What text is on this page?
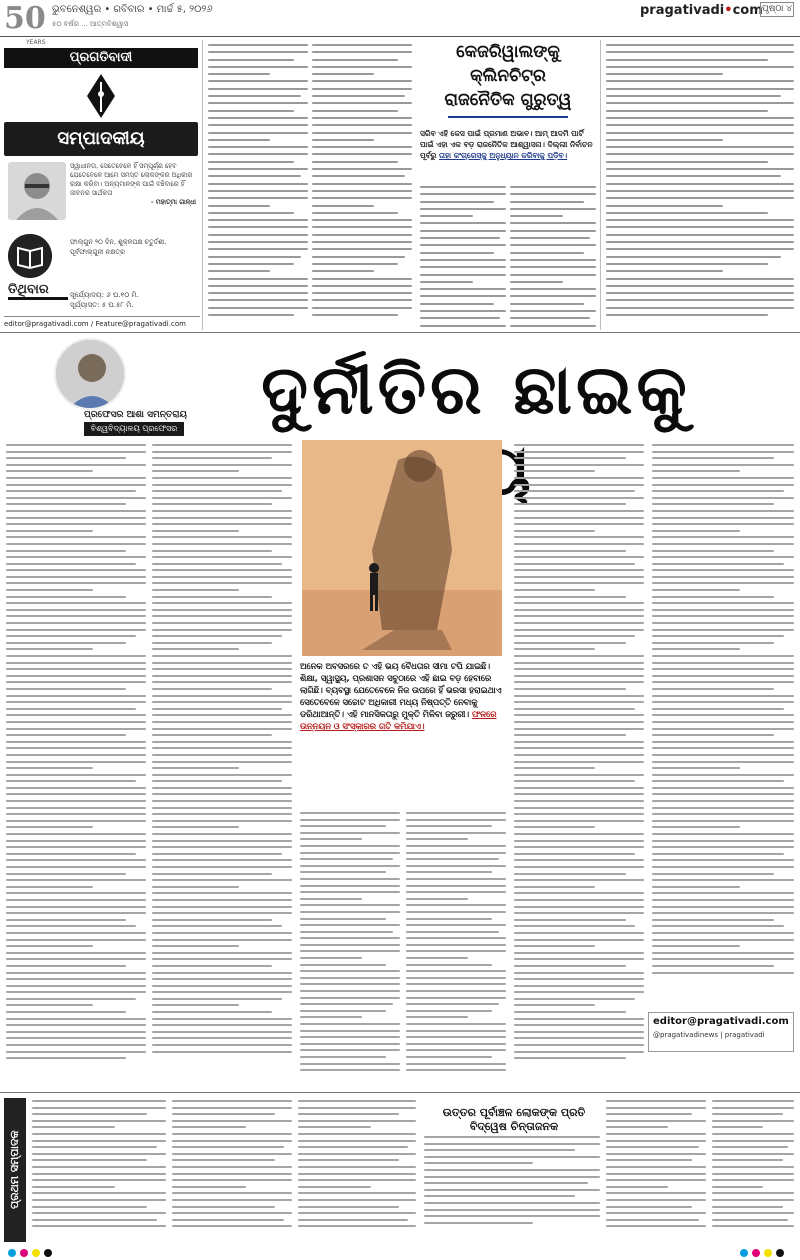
50
YEARS
ଭୁବନେଶ୍ୱର • ରବିବାର • ମାର୍ଚ୍ଚ ୫, ୨୦୨୬
୫୦ ବର୍ଷର ... ଆତ୍ମବିଶ୍ୱାସ
pragativadi•com ପୃଷ୍ଠା ୪
ପ୍ରଗତିବାଦୀ
ସମ୍ପାଦକୀୟ
ସ୍ୱାଧୀନତା, ସେତେବେଳେ ହିଁ ସମ୍ପୂର୍ଣ୍ଣ ହେବ ଯେତେବେଳେ ଆମେ ସମସ୍ତ ଲୋକଙ୍କର ଅଧିକାର ରକ୍ଷା କରିବା। ଅନ୍ୟମାନଙ୍କ ପାଇଁ ବଞ୍ଚିବାରେ ହିଁ ଜୀବନର ସାର୍ଥକତା
- ମହାତ୍ମା ଗାନ୍ଧୀ
ଫାଲ୍‌ଗୁନ ୨୦ ଦିନ, ଶୁକ୍ଳପକ୍ଷ ଚତୁର୍ଦ୍ଦଶୀ, ପୂର୍ବଫାଲ୍‌ଗୁନୀ ନକ୍ଷତ୍ର
ତିଥିବାର	ସୂର୍ଯ୍ୟୋଦୟ: ୬ ଘ.୧୦ ମି.
ସୂର୍ଯ୍ୟାସ୍ତ: ୫ ଘ.୫୮ ମି.
editor@pragativadi.com / Feature@pragativadi.com
କେଜରିୱାଲଙ୍କୁ କ୍ଲିନଚିଟ୍‌ର
ରାଜନୈତିକ ଗୁରୁତ୍ୱ
ସରିବ ଏହି କେସ ପାଇଁ ପ୍ରମାଣ ଅଭାବ। ଆମ୍‌ ଆଦମି ପାର୍ଟି ପାଇଁ ଏହା ଏକ ବଡ଼ ରାଜନୈତିକ ଆଶ୍ୱାସନା। ଦିଲ୍ଲୀ ନିର୍ବାଚନ ପୂର୍ବରୁ ତାହା କଂଗ୍ରେସ୍‌କୁ ଅନୁଧ୍ୟାନ କରିବାକୁ ପଡ଼ିବ।
ପ୍ରଫେସର ଆଶା ସମନ୍ତରାୟ
ବିଶ୍ୱବିଦ୍ୟାଳୟ ପ୍ରଫେସର	ଦୁର୍ନୀତିର ଛାଇକୁ
ଅନେକ ଅବସରରେ ତ ଏହି ଭୟ ବୈଧତାର ସୀମା ଟପି ଯାଇଛି। ଶିକ୍ଷା, ସ୍ୱାସ୍ଥ୍ୟ, ପ୍ରଶାସନ ସବୁଠାରେ ଏହି ଛାଇ ବଡ଼ ହେବାରେ ଲାଗିଛି। ବ୍ୟବସ୍ଥା ଯେତେବେଳେ ନିଜ ଉପରେ ହିଁ ଭରସା ହରାଇଥାଏ ସେତେବେଳେ ସଚ୍ଚୋଟ ଅଧିକାରୀ ମଧ୍ୟ ନିଷ୍ପତ୍ତି ନେବାକୁ ଡରିଥାଆନ୍ତି। ଏହି ମାନସିକତାରୁ ମୁକ୍ତି ମିଳିବା ଜରୁରୀ। ଫଳରେ ଉନ୍ନୟନ ଓ ସଂସ୍କାରର ଗତି କମିଯାଏ।
editor@pragativadi.com
@pragativadinews | pragativadi
ପ୍ରଥମ ସମ୍ପାଦକ
ଉତ୍ତର ପୂର୍ବାଞ୍ଚଳ ଲୋକଙ୍କ ପ୍ରତି ବିଦ୍ୱେଷ ଚିନ୍ତାଜନକ
